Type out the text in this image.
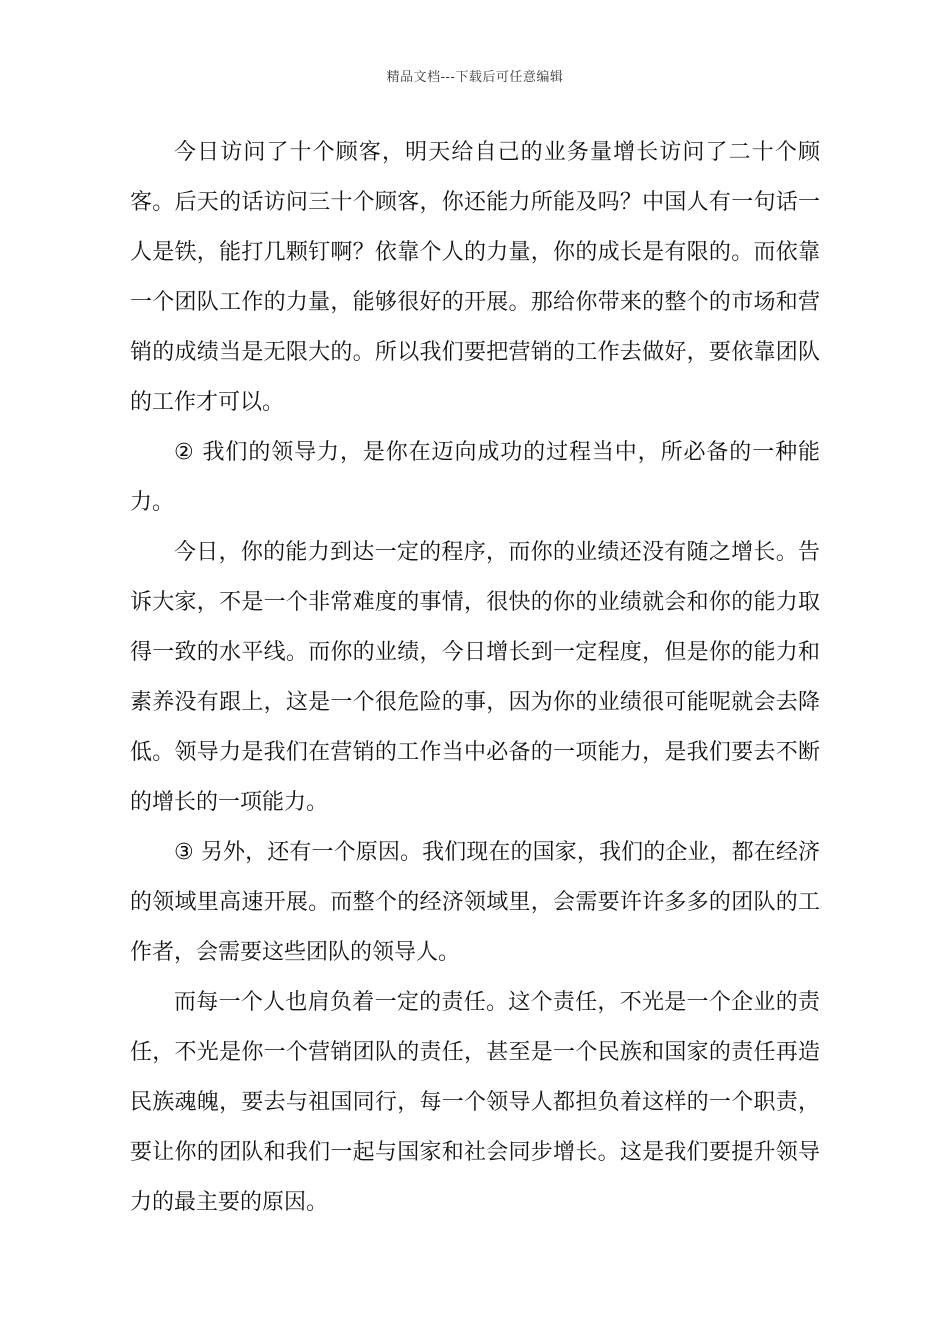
精品文档---下载后可任意编辑

今日访问了十个顾客，明天给自己的业务量增长访问了二十个顾客。后天的话访问三十个顾客，你还能力所能及吗？中国人有一句话一人是铁，能打几颗钉啊？依靠个人的力量，你的成长是有限的。而依靠一个团队工作的力量，能够很好的开展。那给你带来的整个的市场和营销的成绩当是无限大的。所以我们要把营销的工作去做好，要依靠团队的工作才可以。

② 我们的领导力，是你在迈向成功的过程当中，所必备的一种能力。

今日，你的能力到达一定的程序，而你的业绩还没有随之增长。告诉大家，不是一个非常难度的事情，很快的你的业绩就会和你的能力取得一致的水平线。而你的业绩，今日增长到一定程度，但是你的能力和素养没有跟上，这是一个很危险的事，因为你的业绩很可能呢就会去降低。领导力是我们在营销的工作当中必备的一项能力，是我们要去不断的增长的一项能力。

③ 另外，还有一个原因。我们现在的国家，我们的企业，都在经济的领域里高速开展。而整个的经济领域里，会需要许许多多的团队的工作者，会需要这些团队的领导人。

而每一个人也肩负着一定的责任。这个责任，不光是一个企业的责任，不光是你一个营销团队的责任，甚至是一个民族和国家的责任再造民族魂魄，要去与祖国同行，每一个领导人都担负着这样的一个职责，要让你的团队和我们一起与国家和社会同步增长。这是我们要提升领导力的最主要的原因。
